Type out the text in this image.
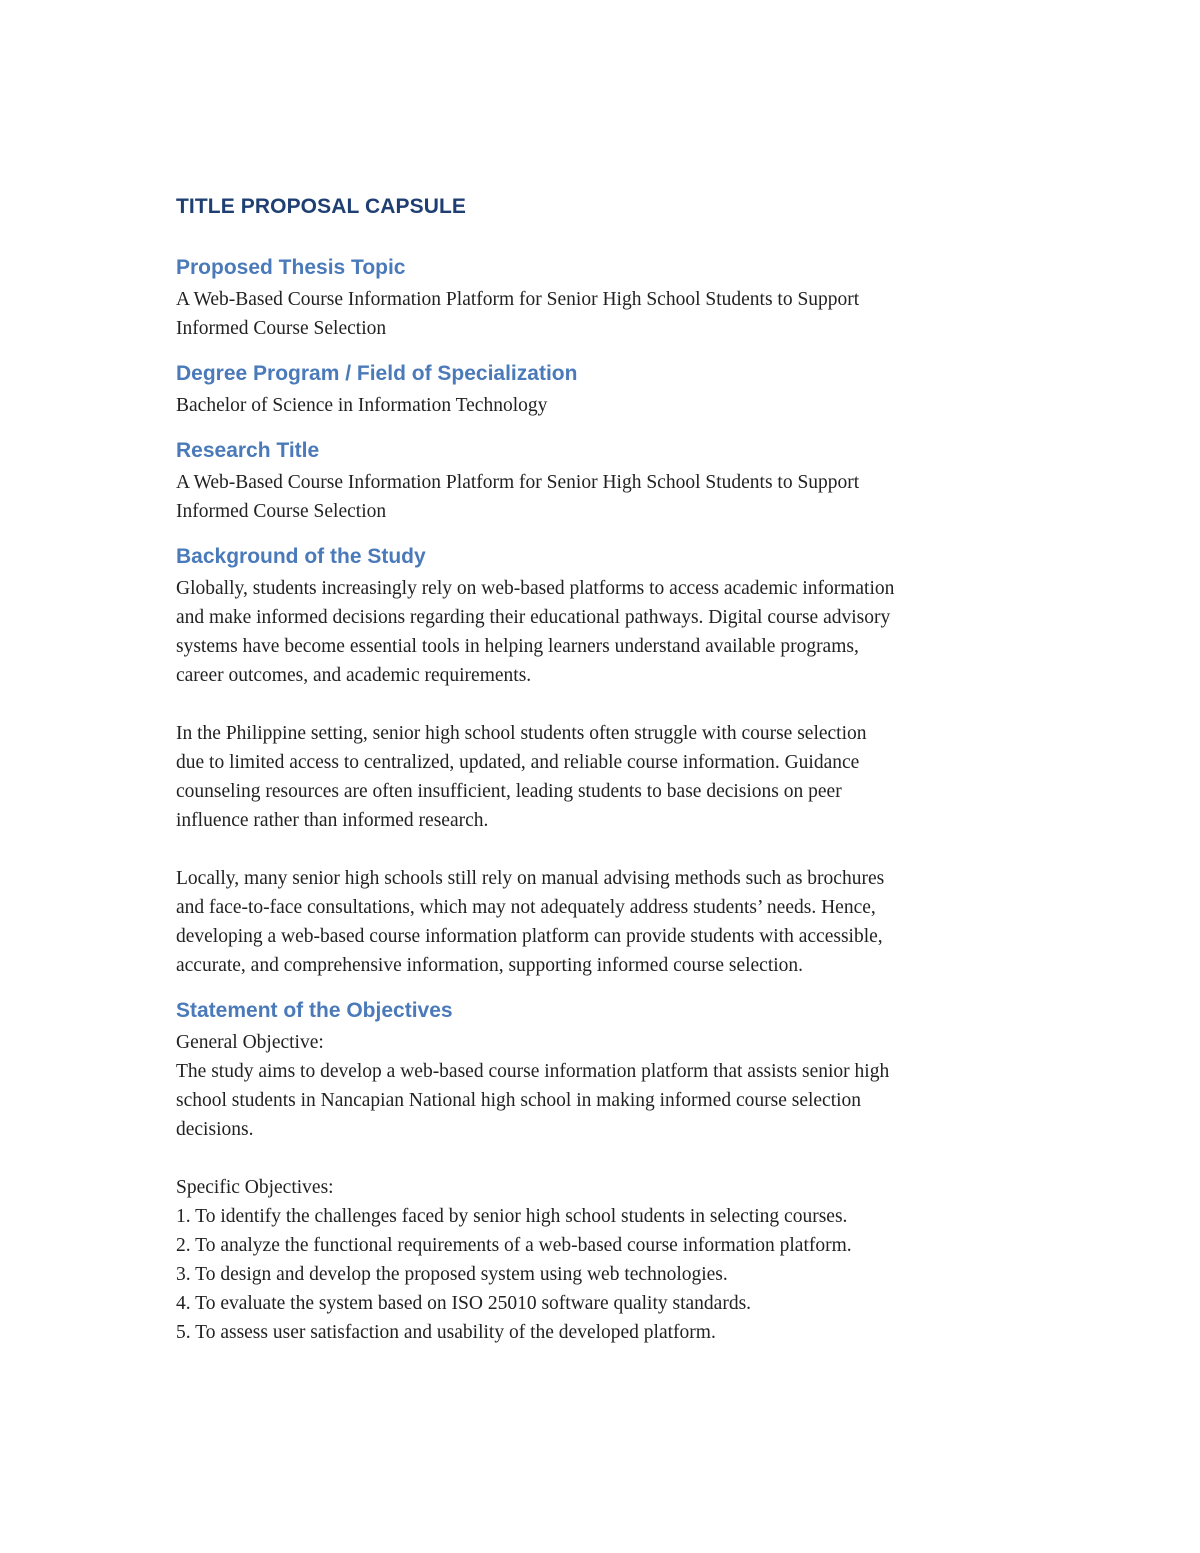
TITLE PROPOSAL CAPSULE
Proposed Thesis Topic

A Web-Based Course Information Platform for Senior High School Students to Support

Informed Course Selection

Degree Program / Field of Specialization

Bachelor of Science in Information Technology

Research Title

A Web-Based Course Information Platform for Senior High School Students to Support

Informed Course Selection

Background of the Study

Globally, students increasingly rely on web-based platforms to access academic information

and make informed decisions regarding their educational pathways. Digital course advisory

systems have become essential tools in helping learners understand available programs,

career outcomes, and academic requirements.

In the Philippine setting, senior high school students often struggle with course selection

due to limited access to centralized, updated, and reliable course information. Guidance

counseling resources are often insufficient, leading students to base decisions on peer

influence rather than informed research.

Locally, many senior high schools still rely on manual advising methods such as brochures

and face-to-face consultations, which may not adequately address students’ needs. Hence,

developing a web-based course information platform can provide students with accessible,

accurate, and comprehensive information, supporting informed course selection.

Statement of the Objectives

General Objective:

The study aims to develop a web-based course information platform that assists senior high

school students in Nancapian National high school in making informed course selection

decisions.

Specific Objectives:

1. To identify the challenges faced by senior high school students in selecting courses.
2. To analyze the functional requirements of a web-based course information platform.
3. To design and develop the proposed system using web technologies.
4. To evaluate the system based on ISO 25010 software quality standards.
5. To assess user satisfaction and usability of the developed platform.
